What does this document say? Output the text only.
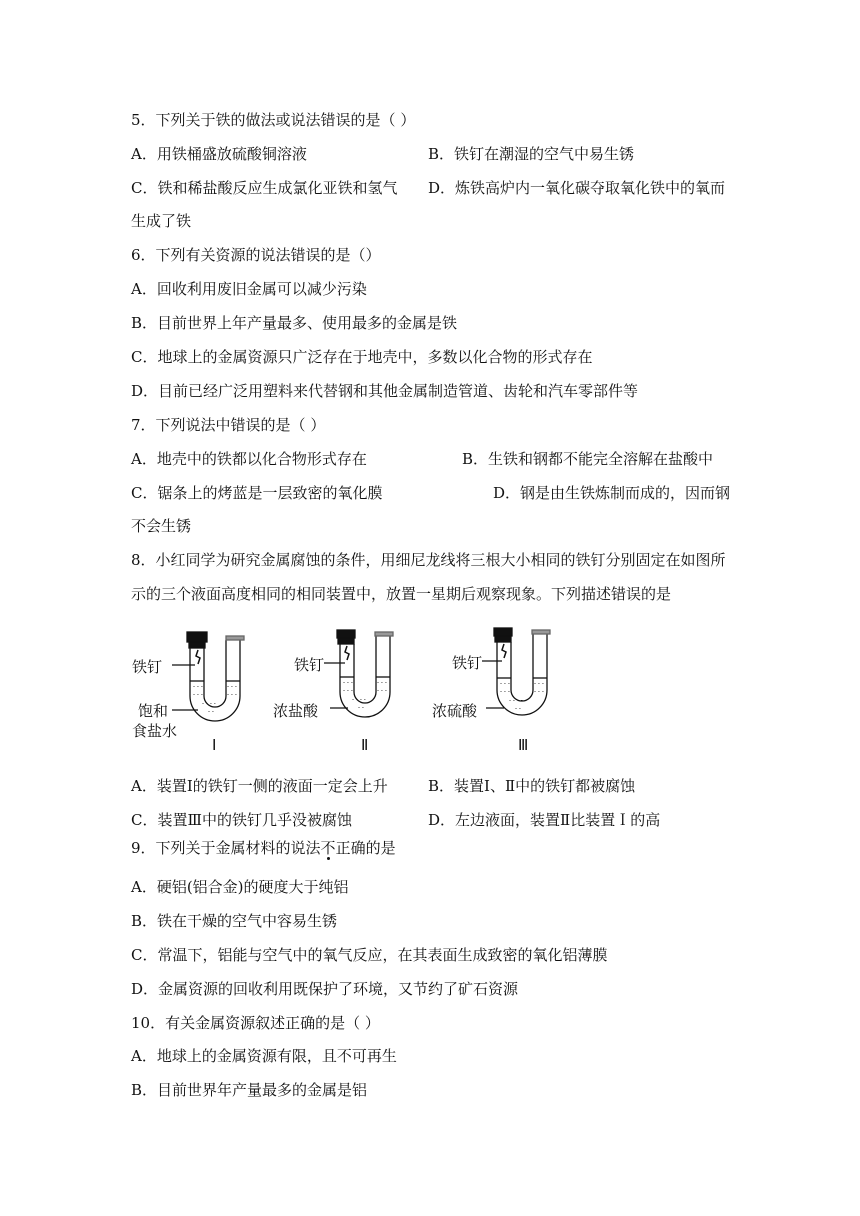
5．下列关于铁的做法或说法错误的是（ ）
A．用铁桶盛放硫酸铜溶液	B．铁钉在潮湿的空气中易生锈
C．铁和稀盐酸反应生成氯化亚铁和氢气 D．炼铁高炉内一氧化碳夺取氧化铁中的氧而
生成了铁
6．下列有关资源的说法错误的是（）
A．回收利用废旧金属可以减少污染
B．目前世界上年产量最多、使用最多的金属是铁
C．地球上的金属资源只广泛存在于地壳中，多数以化合物的形式存在
D．目前已经广泛用塑料来代替钢和其他金属制造管道、齿轮和汽车零部件等
7．下列说法中错误的是（ ）
A．地壳中的铁都以化合物形式存在	B．生铁和钢都不能完全溶解在盐酸中
C．锯条上的烤蓝是一层致密的氧化膜	D．钢是由生铁炼制而成的，因而钢
不会生锈
8．小红同学为研究金属腐蚀的条件，用细尼龙线将三根大小相同的铁钉分别固定在如图所
示的三个液面高度相同的相同装置中，放置一星期后观察现象。下列描述错误的是
- - -
- - -
- - -
- - -
- - - -
- -
- - -
- - -
- - -
- - -
- - - -
- -
- - -
- - -
- - -
- - -
- - - -
- -
铁钉
饱和
食盐水
Ⅰ
铁钉
浓盐酸
Ⅱ
铁钉
浓硫酸
Ⅲ
A．装置Ⅰ的铁钉一侧的液面一定会上升	B．装置Ⅰ、Ⅱ中的铁钉都被腐蚀
C．装置Ⅲ中的铁钉几乎没被腐蚀	D．左边液面，装置Ⅱ比装置Ｉ的高
9．下列关于金属材料的说法不正确的是
A．硬铝(铝合金)的硬度大于纯铝
B．铁在干燥的空气中容易生锈
C．常温下，铝能与空气中的氧气反应，在其表面生成致密的氧化铝薄膜
D．金属资源的回收利用既保护了环境，又节约了矿石资源
10．有关金属资源叙述正确的是（ ）
A．地球上的金属资源有限，且不可再生
B．目前世界年产量最多的金属是铝
